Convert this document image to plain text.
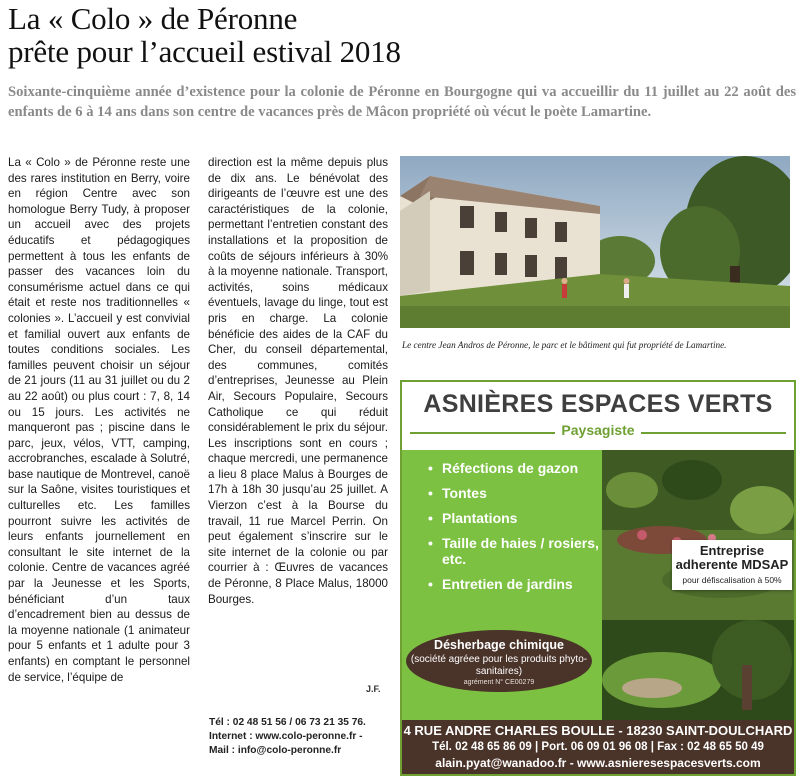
La « Colo » de Péronne
prête pour l’accueil estival 2018
Soixante-cinquième année d’existence pour la colonie de Péronne en Bourgogne qui va accueillir du 11 juillet au 22 août des enfants de 6 à 14 ans dans son centre de vacances près de Mâcon propriété où vécut le poète Lamartine.
La « Colo » de Péronne reste une des rares institution en Berry, voire en région Centre avec son homologue Berry Tudy, à proposer un accueil avec des projets éducatifs et pédagogiques permettent à tous les enfants de passer des vacances loin du consumérisme actuel dans ce qui était et reste nos traditionnelles « colonies ». L’accueil y est convivial et familial ouvert aux enfants de toutes conditions sociales. Les familles peuvent choisir un séjour de 21 jours (11 au 31 juillet ou du 2 au 22 août) ou plus court : 7, 8, 14 ou 15 jours. Les activités ne manqueront pas ; piscine dans le parc, jeux, vélos, VTT, camping, accrobranches, escalade à Solutré, base nautique de Montrevel, canoë sur la Saône, visites touristiques et culturelles etc. Les familles pourront suivre les activités de leurs enfants journellement en consultant le site internet de la colonie. Centre de vacances agréé par la Jeunesse et les Sports, bénéficiant d’un taux d’encadrement bien au dessus de la moyenne nationale (1 animateur pour 5 enfants et 1 adulte pour 3 enfants) en comptant le personnel de service, l’équipe de
direction est la même depuis plus de dix ans. Le bénévolat des dirigeants de l’œuvre est une des caractéristiques de la colonie, permettant l’entretien constant des installations et la proposition de coûts de séjours inférieurs à 30% à la moyenne nationale. Transport, activités, soins médicaux éventuels, lavage du linge, tout est pris en charge. La colonie bénéficie des aides de la CAF du Cher, du conseil départemental, des communes, comités d’entreprises, Jeunesse au Plein Air, Secours Populaire, Secours Catholique ce qui réduit considérablement le prix du séjour. Les inscriptions sont en cours ; chaque mercredi, une permanence a lieu 8 place Malus à Bourges de 17h à 18h 30 jusqu’au 25 juillet. A Vierzon c’est à la Bourse du travail, 11 rue Marcel Perrin. On peut également s’inscrire sur le site internet de la colonie ou par courrier à : Œuvres de vacances de Péronne, 8 Place Malus, 18000 Bourges.
J.F.
Tél : 02 48 51 56 / 06 73 21 35 76.
Internet : www.colo-peronne.fr -
Mail : info@colo-peronne.fr
Le centre Jean Andros de Péronne, le parc et le bâtiment qui fut propriété de Lamartine.
ASNIÈRES ESPACES VERTS
Paysagiste
• Réfections de gazon
• Tontes
• Plantations
• Taille de haies / rosiers, etc.
• Entretien de jardins
Entreprise adherente MDSAP
pour défiscalisation à 50%
Désherbage chimique
(société agréee pour les produits phyto-sanitaires)
agrément N° CE00279
4 RUE ANDRE CHARLES BOULLE - 18230 SAINT-DOULCHARD
Tél. 02 48 65 86 09 | Port. 06 09 01 96 08 | Fax : 02 48 65 50 49
alain.pyat@wanadoo.fr - www.asnieresespacesverts.com
